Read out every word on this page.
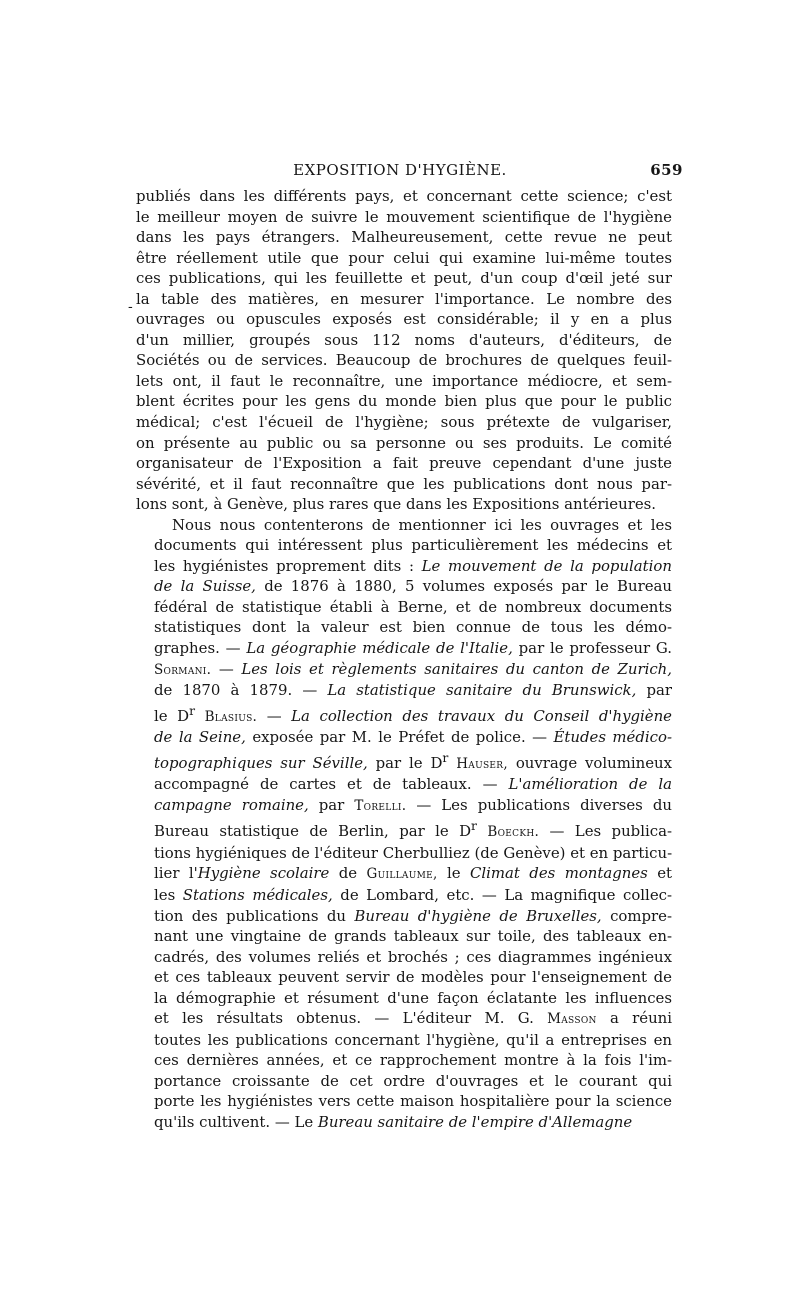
EXPOSITION D'HYGIÈNE.	659
-
publiés dans les différents pays, et concernant cette science; c'est
le meilleur moyen de suivre le mouvement scientifique de l'hygiène
dans les pays étrangers. Malheureusement, cette revue ne peut
être réellement utile que pour celui qui examine lui-même toutes
ces publications, qui les feuillette et peut, d'un coup d'œil jeté sur
la table des matières, en mesurer l'importance. Le nombre des
ouvrages ou opuscules exposés est considérable; il y en a plus
d'un millier, groupés sous 112 noms d'auteurs, d'éditeurs, de
Sociétés ou de services. Beaucoup de brochures de quelques feuil-
lets ont, il faut le reconnaître, une importance médiocre, et sem-
blent écrites pour les gens du monde bien plus que pour le public
médical; c'est l'écueil de l'hygiène; sous prétexte de vulgariser,
on présente au public ou sa personne ou ses produits. Le comité
organisateur de l'Exposition a fait preuve cependant d'une juste
sévérité, et il faut reconnaître que les publications dont nous par-
lons sont, à Genève, plus rares que dans les Expositions antérieures.
Nous nous contenterons de mentionner ici les ouvrages et les
documents qui intéressent plus particulièrement les médecins et
les hygiénistes proprement dits : Le mouvement de la population
de la Suisse, de 1876 à 1880, 5 volumes exposés par le Bureau
fédéral de statistique établi à Berne, et de nombreux documents
statistiques dont la valeur est bien connue de tous les démo-
graphes. — La géographie médicale de l'Italie, par le professeur G.
Sormani. — Les lois et règlements sanitaires du canton de Zurich,
de 1870 à 1879. — La statistique sanitaire du Brunswick, par
le $D^r$ Blasius. — La collection des travaux du Conseil d'hygiène
de la Seine, exposée par M. le Préfet de police. — Études médico-
topographiques sur Séville, par le $D^r$ Hauser, ouvrage volumineux
accompagné de cartes et de tableaux. — L'amélioration de la
campagne romaine, par Torelli. — Les publications diverses du
Bureau statistique de Berlin, par le $D^r$ Boeckh. — Les publica-
tions hygiéniques de l'éditeur Cherbulliez (de Genève) et en particu-
lier l'Hygiène scolaire de Guillaume, le Climat des montagnes et
les Stations médicales, de Lombard, etc. — La magnifique collec-
tion des publications du Bureau d'hygiène de Bruxelles, compre-
nant une vingtaine de grands tableaux sur toile, des tableaux en-
cadrés, des volumes reliés et brochés ; ces diagrammes ingénieux
et ces tableaux peuvent servir de modèles pour l'enseignement de
la démographie et résument d'une façon éclatante les influences
et les résultats obtenus. — L'éditeur M. G. Masson a réuni
toutes les publications concernant l'hygiène, qu'il a entreprises en
ces dernières années, et ce rapprochement montre à la fois l'im-
portance croissante de cet ordre d'ouvrages et le courant qui
porte les hygiénistes vers cette maison hospitalière pour la science
qu'ils cultivent. — Le Bureau sanitaire de l'empire d'Allemagne
